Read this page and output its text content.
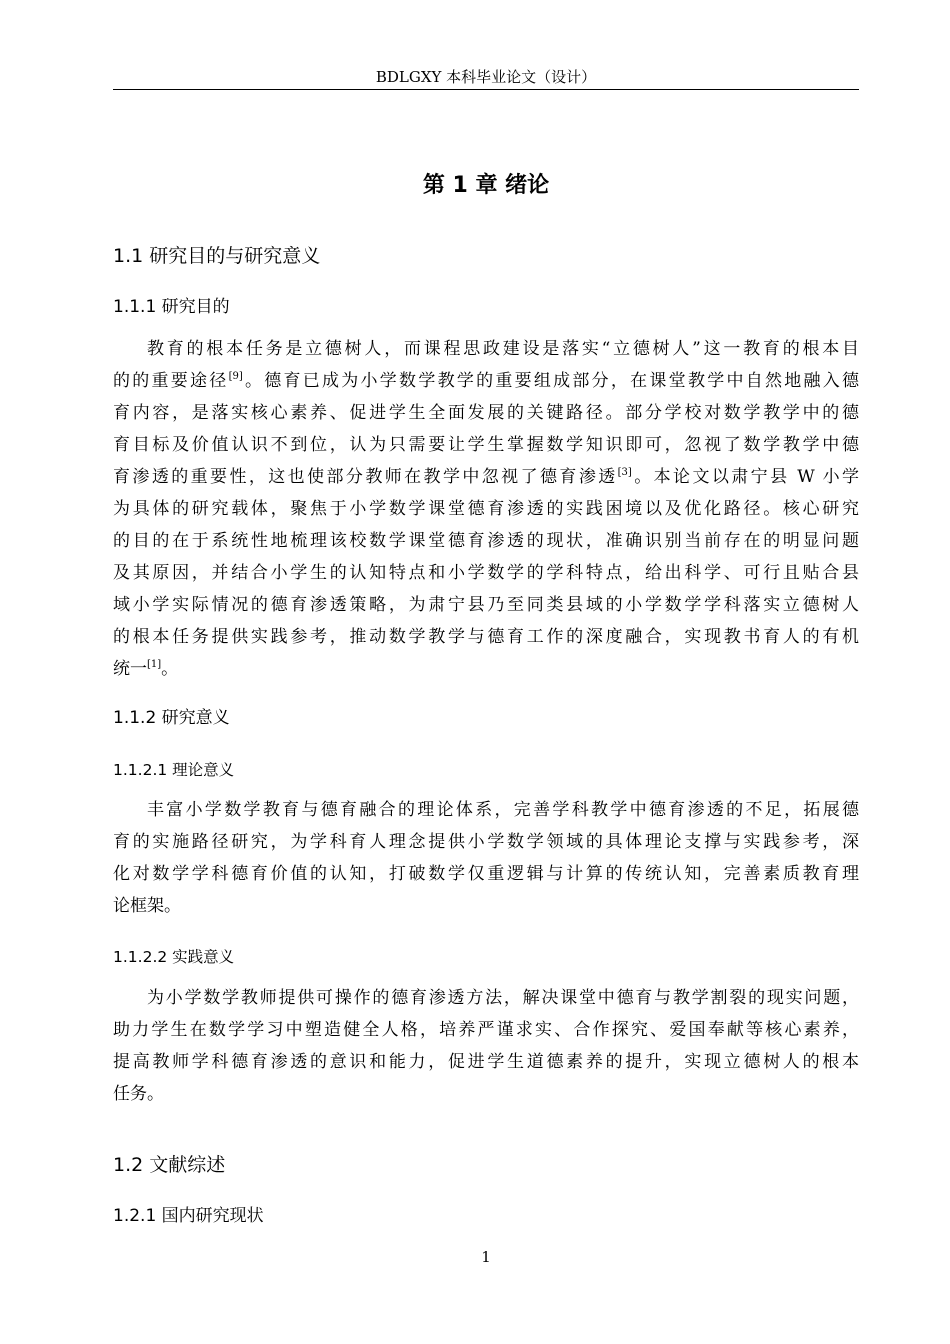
BDLGXY 本科毕业论文（设计）
第 1 章 绪论
1.1 研究目的与研究意义
1.1.1 研究目的
教育的根本任务是立德树人，而课程思政建设是落实“立德树人”这一教育的根本目
的的重要途径[9]。德育已成为小学数学教学的重要组成部分，在课堂教学中自然地融入德
育内容，是落实核心素养、促进学生全面发展的关键路径。部分学校对数学教学中的德
育目标及价值认识不到位，认为只需要让学生掌握数学知识即可，忽视了数学教学中德
育渗透的重要性，这也使部分教师在教学中忽视了德育渗透[3]。本论文以肃宁县 W 小学
为具体的研究载体，聚焦于小学数学课堂德育渗透的实践困境以及优化路径。核心研究
的目的在于系统性地梳理该校数学课堂德育渗透的现状，准确识别当前存在的明显问题
及其原因，并结合小学生的认知特点和小学数学的学科特点，给出科学、可行且贴合县
域小学实际情况的德育渗透策略，为肃宁县乃至同类县域的小学数学学科落实立德树人
的根本任务提供实践参考，推动数学教学与德育工作的深度融合，实现教书育人的有机
统一[1]。
1.1.2 研究意义
1.1.2.1 理论意义
丰富小学数学教育与德育融合的理论体系，完善学科教学中德育渗透的不足，拓展德
育的实施路径研究，为学科育人理念提供小学数学领域的具体理论支撑与实践参考，深
化对数学学科德育价值的认知，打破数学仅重逻辑与计算的传统认知，完善素质教育理
论框架。
1.1.2.2 实践意义
为小学数学教师提供可操作的德育渗透方法，解决课堂中德育与教学割裂的现实问题，
助力学生在数学学习中塑造健全人格，培养严谨求实、合作探究、爱国奉献等核心素养，
提高教师学科德育渗透的意识和能力，促进学生道德素养的提升，实现立德树人的根本
任务。
1.2 文献综述
1.2.1 国内研究现状
1
